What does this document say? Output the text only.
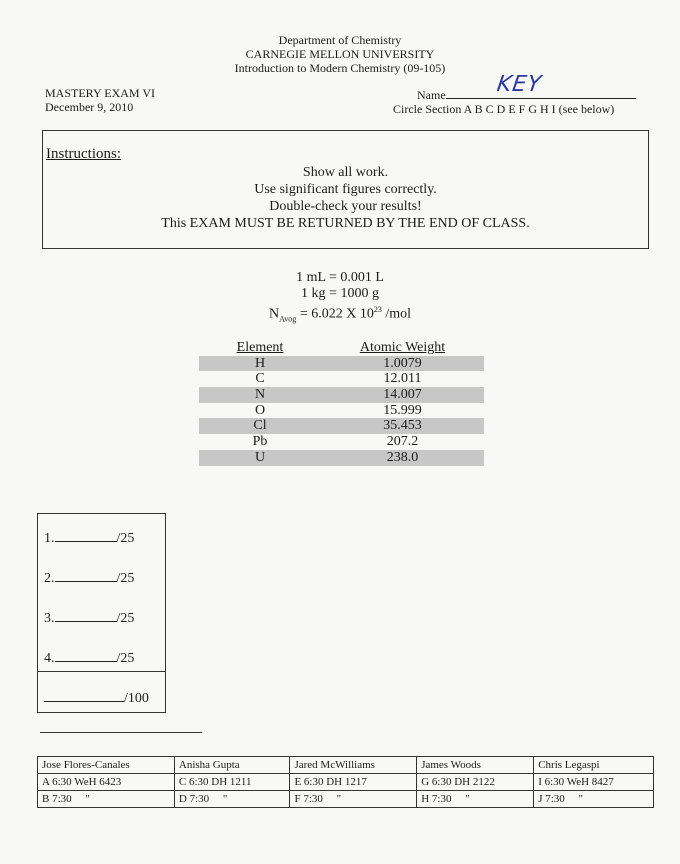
Department of Chemistry
CARNEGIE MELLON UNIVERSITY
Introduction to Modern Chemistry (09-105)
MASTERY EXAM VI
December 9, 2010
Name
Circle Section A B C D E F G H I (see below)
KEY
Instructions:
Show all work.
Use significant figures correctly.
Double-check your results!
This EXAM MUST BE RETURNED BY THE END OF CLASS.
1 mL = 0.001 L
1 kg = 1000 g
$N_{Avog} = 6.022$ X $10^{23}$ /mol
Element	Atomic Weight
H	1.0079
C	12.011
N	14.007
O	15.999
Cl	35.453
Pb	207.2
U	238.0
1.	/25
2.	/25
3.	/25
4.	/25
/100
Jose Flores-Canales	Anisha Gupta	Jared McWilliams	James Woods	Chris Legaspi
A 6:30 WeH 6423	C 6:30 DH 1211	E 6:30 DH 1217	G 6:30 DH 2122	I 6:30 WeH 8427
B 7:30     "	D 7:30     "	F 7:30     "	H 7:30     "	J 7:30     "
